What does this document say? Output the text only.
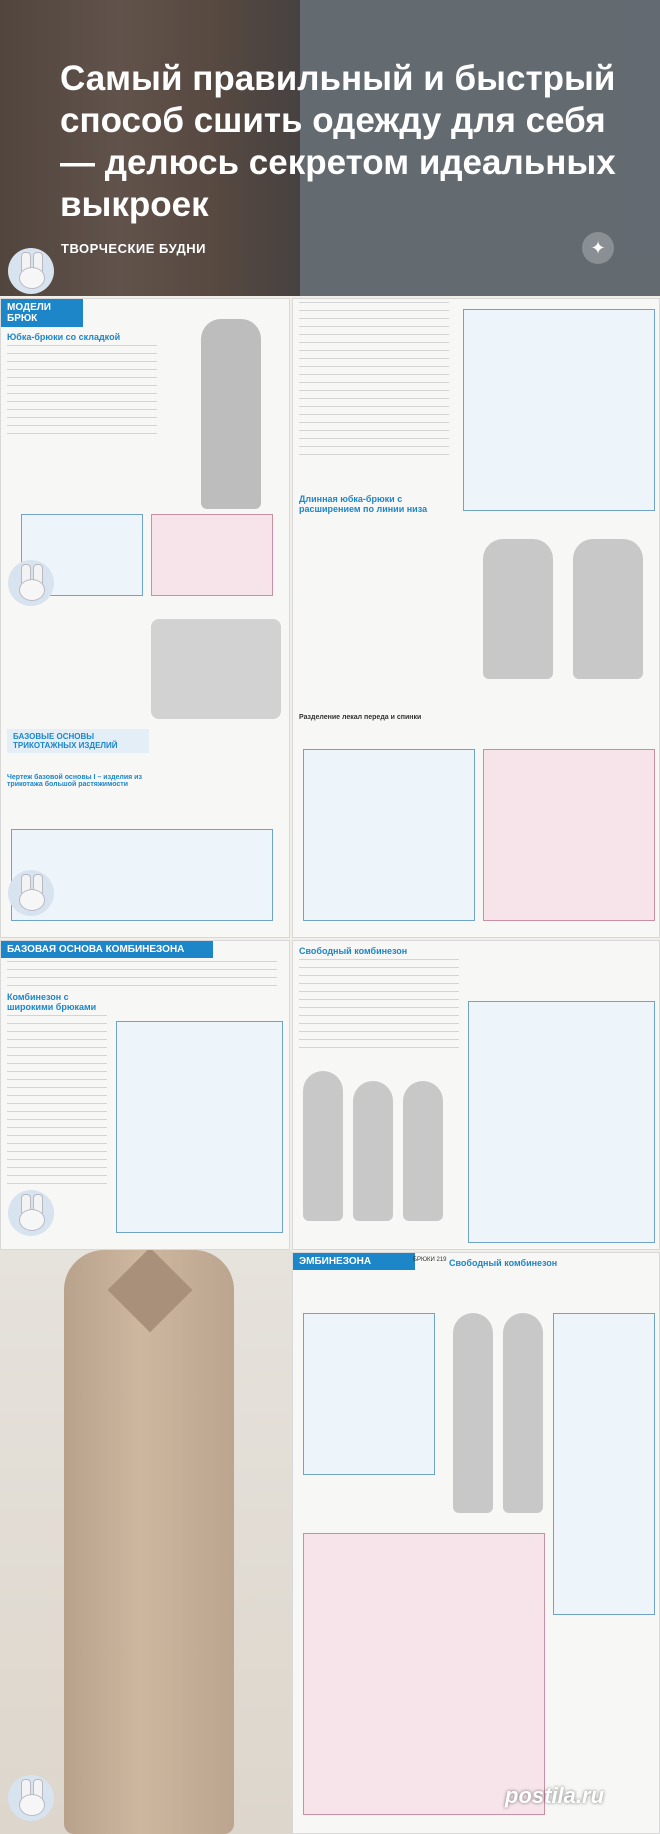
Самый правильный и быстрый способ сшить одежду для себя — делюсь секретом идеальных выкроек
ТВОРЧЕСКИЕ БУДНИ	✦
МОДЕЛИ БРЮК
Юбка-брюки со складкой
БАЗОВЫЕ ОСНОВЫ ТРИКОТАЖНЫХ ИЗДЕЛИЙ
Чертеж базовой основы I – изделия из трикотажа большой растяжимости
Длинная юбка-брюки с расширением по линии низа
Разделение лекал переда и спинки
БАЗОВАЯ ОСНОВА КОМБИНЕЗОНА
Комбинезон с широкими брюками
Свободный комбинезон
ЭМБИНЕЗОНА	БРЮКИ 219 Свободный комбинезон
postila.ru
